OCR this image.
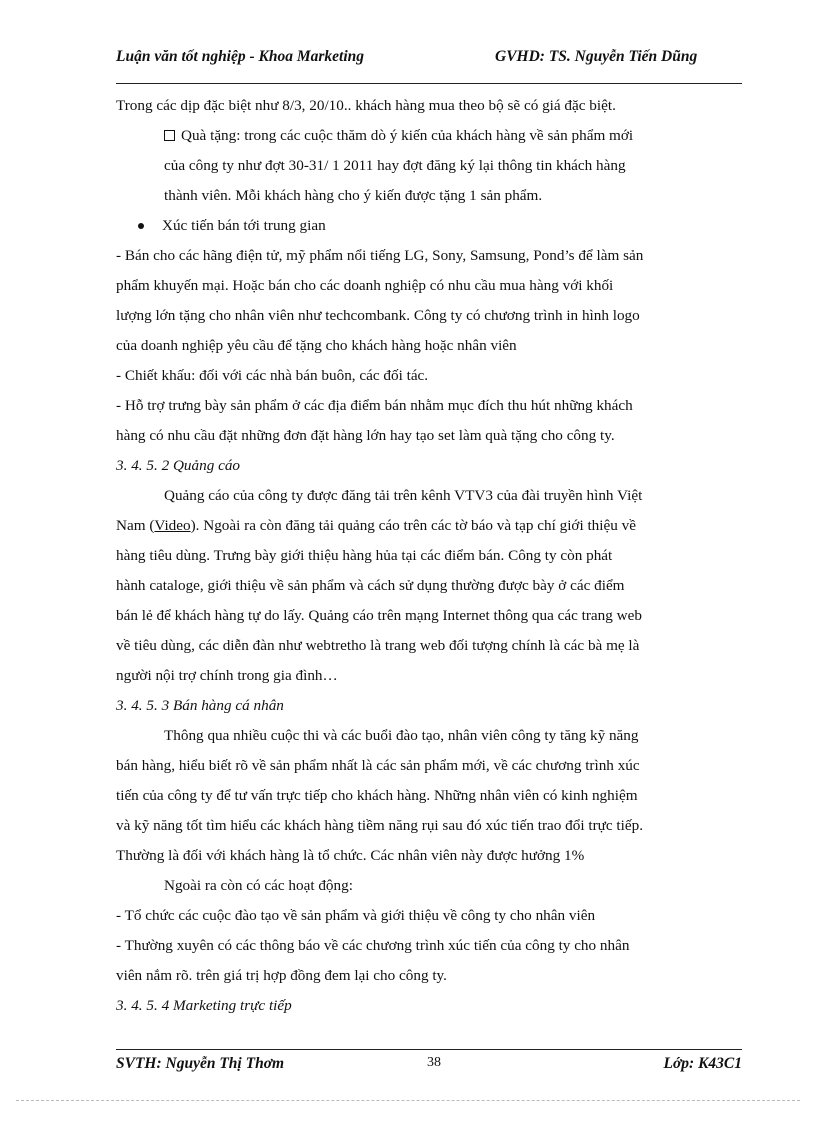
Luận văn tốt nghiệp - Khoa Marketing	GVHD: TS. Nguyễn Tiến Dũng
Trong các dịp đặc biệt như 8/3, 20/10.. khách hàng mua theo bộ sẽ có giá đặc biệt.
Quà tặng: trong các cuộc thăm dò ý kiến của khách hàng về sản phẩm mới
của công ty như đợt 30-31/ 1 2011 hay đợt đăng ký lại thông tin khách hàng
thành viên. Mỗi khách hàng cho ý kiến được tặng 1 sản phẩm.
Xúc tiến bán tới trung gian
- Bán cho các hãng điện tử, mỹ phẩm nổi tiếng LG, Sony, Samsung, Pond’s để làm sản
phẩm khuyến mại. Hoặc bán cho các doanh nghiệp có nhu cầu mua hàng với khối
lượng lớn tặng cho nhân viên như techcombank. Công ty có chương trình in hình logo
của doanh nghiệp yêu cầu để tặng cho khách hàng hoặc nhân viên
- Chiết khấu: đối với các nhà bán buôn, các đối tác.
- Hỗ trợ trưng bày sản phẩm ở các địa điểm bán nhằm mục đích thu hút những khách
hàng có nhu cầu đặt những đơn đặt hàng lớn hay tạo set làm quà tặng cho công ty.
3. 4. 5. 2 Quảng cáo
Quảng cáo của công ty được đăng tải trên kênh VTV3 của đài truyền hình Việt
Nam (Video). Ngoài ra còn đăng tải quảng cáo trên các tờ báo và tạp chí giới thiệu về
hàng tiêu dùng. Trưng bày giới thiệu hàng hủa tại các điểm bán. Công ty còn phát
hành cataloge, giới thiệu về sản phẩm và cách sử dụng thường được bày ở các điểm
bán lẻ để khách hàng tự do lấy. Quảng cáo trên mạng Internet thông qua các trang web
về tiêu dùng, các diễn đàn như webtretho là trang web đối tượng chính là các bà mẹ là
người nội trợ chính trong gia đình…
3. 4. 5. 3 Bán hàng cá nhân
Thông qua nhiều cuộc thi và các buổi đào tạo, nhân viên công ty tăng kỹ năng
bán hàng, hiểu biết rõ về sản phẩm nhất là các sản phẩm mới, về các chương trình xúc
tiến của công ty để tư vấn trực tiếp cho khách hàng. Những nhân viên có kinh nghiệm
và kỹ năng tốt tìm hiểu các khách hàng tiềm năng rụi sau đó xúc tiến trao đổi trực tiếp.
Thường là đối với khách hàng là tổ chức. Các nhân viên này được hưởng 1%
Ngoài ra còn có các hoạt động:
- Tổ chức các cuộc đào tạo về sản phẩm và giới thiệu về công ty cho nhân viên
- Thường xuyên có các thông báo về các chương trình xúc tiến của công ty cho nhân
viên nắm rõ. trên giá trị hợp đồng đem lại cho công ty.
3. 4. 5. 4 Marketing trực tiếp
SVTH: Nguyễn Thị Thơm	38	Lớp: K43C1
